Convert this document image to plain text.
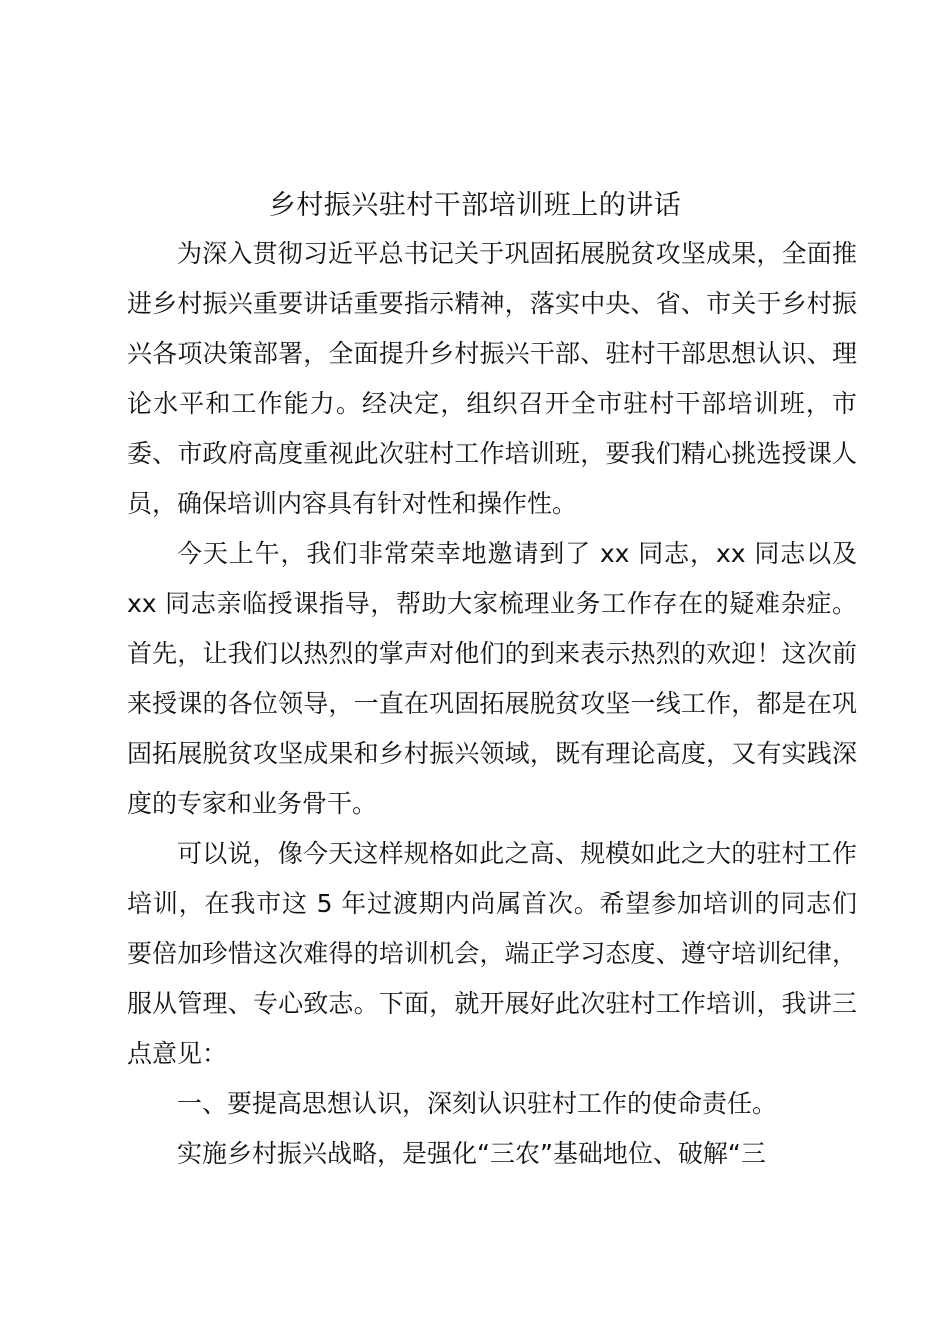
乡村振兴驻村干部培训班上的讲话

为深入贯彻习近平总书记关于巩固拓展脱贫攻坚成果，全面推进乡村振兴重要讲话重要指示精神，落实中央、省、市关于乡村振兴各项决策部署，全面提升乡村振兴干部、驻村干部思想认识、理论水平和工作能力。经决定，组织召开全市驻村干部培训班，市委、市政府高度重视此次驻村工作培训班，要我们精心挑选授课人员，确保培训内容具有针对性和操作性。

今天上午，我们非常荣幸地邀请到了 xx 同志，xx 同志以及 xx 同志亲临授课指导，帮助大家梳理业务工作存在的疑难杂症。首先，让我们以热烈的掌声对他们的到来表示热烈的欢迎！这次前来授课的各位领导，一直在巩固拓展脱贫攻坚一线工作，都是在巩固拓展脱贫攻坚成果和乡村振兴领域，既有理论高度，又有实践深度的专家和业务骨干。

可以说，像今天这样规格如此之高、规模如此之大的驻村工作培训，在我市这 5 年过渡期内尚属首次。希望参加培训的同志们要倍加珍惜这次难得的培训机会，端正学习态度、遵守培训纪律，服从管理、专心致志。下面，就开展好此次驻村工作培训，我讲三点意见：

一、要提高思想认识，深刻认识驻村工作的使命责任。

实施乡村振兴战略，是强化“三农”基础地位、破解“三
